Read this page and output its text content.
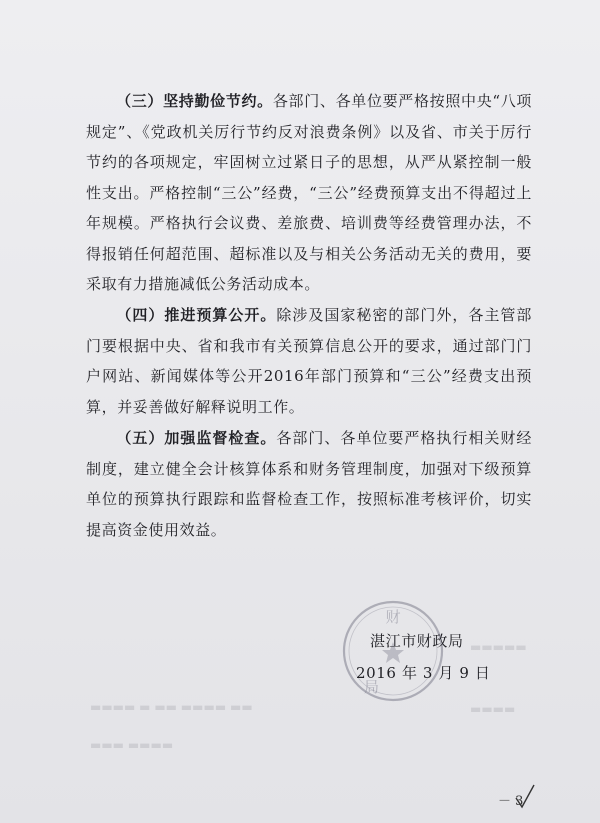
▬▬▬▬ ▬ ▬▬ ▬▬▬▬ ▬▬
▬▬▬ ▬▬▬▬
▬▬▬▬▬
▬▬▬▬
（三）坚持勤俭节约。各部门、各单位要严格按照中央“八项规定”、《党政机关厉行节约反对浪费条例》以及省、市关于厉行节约的各项规定，牢固树立过紧日子的思想，从严从紧控制一般性支出。严格控制“三公”经费，“三公”经费预算支出不得超过上年规模。严格执行会议费、差旅费、培训费等经费管理办法，不得报销任何超范围、超标准以及与相关公务活动无关的费用，要采取有力措施减低公务活动成本。
（四）推进预算公开。除涉及国家秘密的部门外，各主管部门要根据中央、省和我市有关预算信息公开的要求，通过部门门户网站、新闻媒体等公开2016年部门预算和“三公”经费支出预算，并妥善做好解释说明工作。
（五）加强监督检查。各部门、各单位要严格执行相关财经制度，建立健全会计核算体系和财务管理制度，加强对下级预算单位的预算执行跟踪和监督检查工作，按照标准考核评价，切实提高资金使用效益。
财
局
湛江市财政局
2016 年 3 月 9 日
－ 3
